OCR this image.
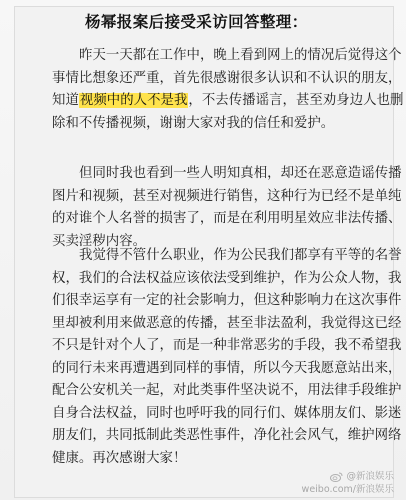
杨幂报案后接受采访回答整理：
昨天一天都在工作中，晚上看到网上的情况后觉得这个
事情比想象还严重，首先很感谢很多认识和不认识的朋友，
知道视频中的人不是我，不去传播谣言，甚至劝身边人也删
除和不传播视频，谢谢大家对我的信任和爱护。
但同时我也看到一些人明知真相，却还在恶意造谣传播
图片和视频，甚至对视频进行销售，这种行为已经不是单纯
的对谁个人名誉的损害了，而是在利用明星效应非法传播、
买卖淫秽内容。
我觉得不管什么职业，作为公民我们都享有平等的名誉
权，我们的合法权益应该依法受到维护，作为公众人物，我
们很幸运享有一定的社会影响力，但这种影响力在这次事件
里却被利用来做恶意的传播，甚至非法盈利，我觉得这已经
不只是针对个人了，而是一种非常恶劣的手段，我不希望我
的同行未来再遭遇到同样的事情，所以今天我愿意站出来，
配合公安机关一起，对此类事件坚决说不，用法律手段维护
自身合法权益，同时也呼吁我的同行们、媒体朋友们、影迷
朋友们，共同抵制此类恶性事件，净化社会风气，维护网络
健康。再次感谢大家！
@新浪娱乐
weibo.com/新浪娱乐
